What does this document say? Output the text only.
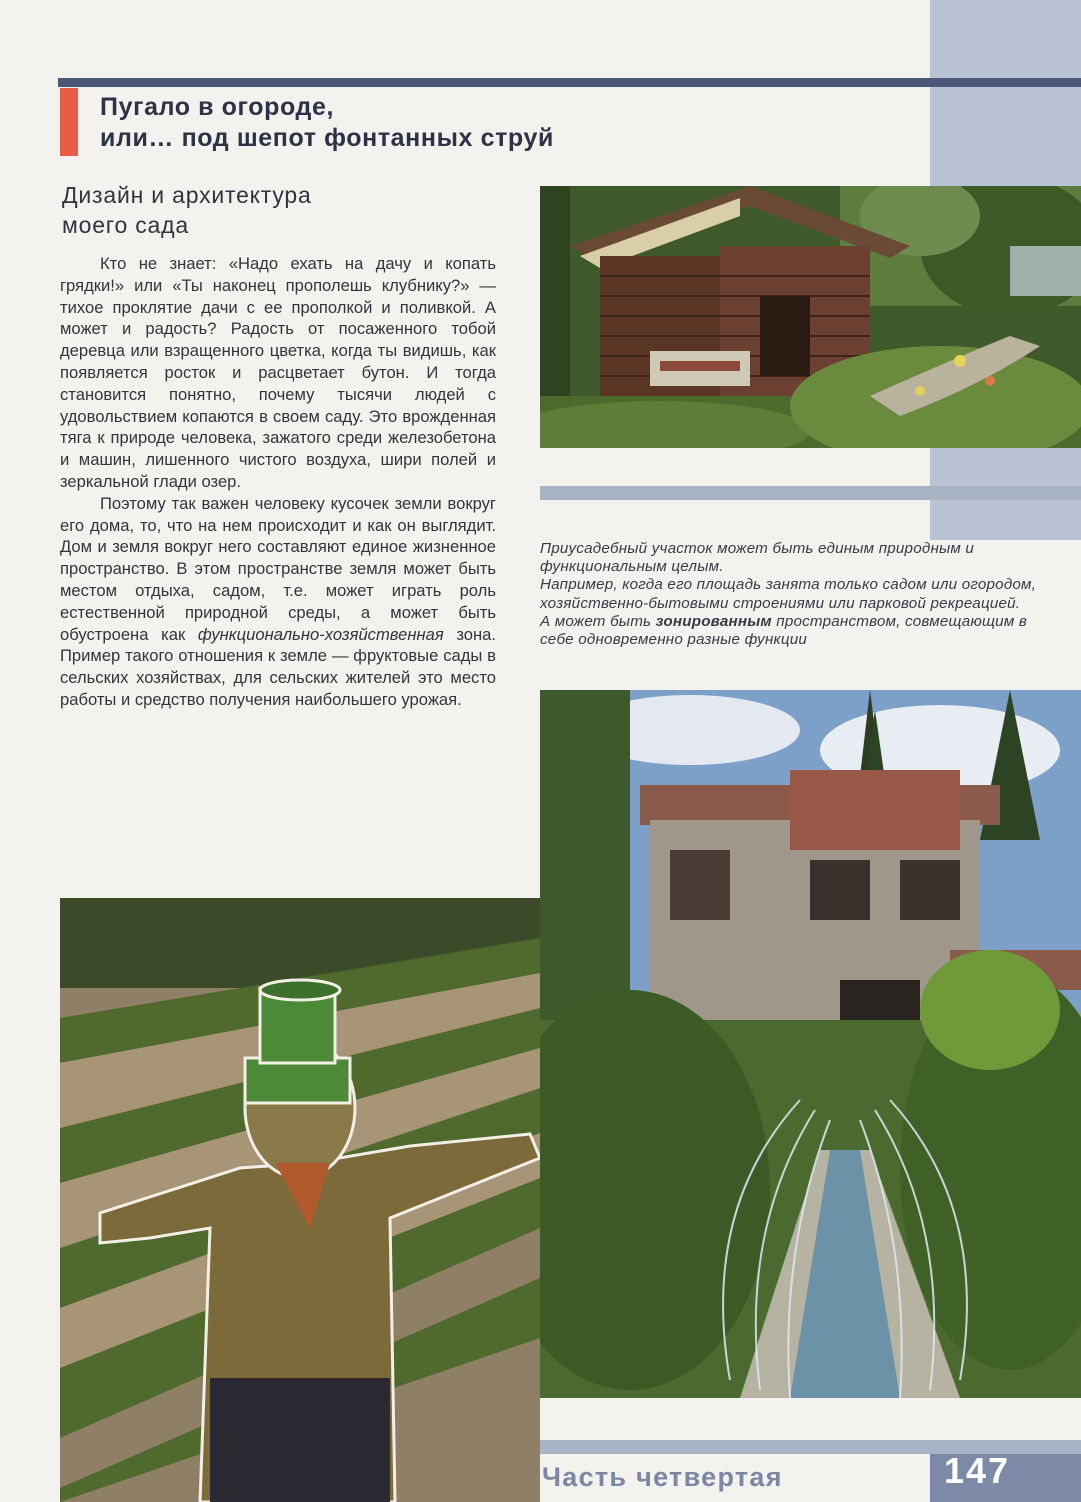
Пугало в огороде,
или… под шепот фонтанных струй
Дизайн и архитектура
моего сада

Кто не знает: «Надо ехать на дачу и копать грядки!» или «Ты наконец прополешь клубнику?» — тихое проклятие дачи с ее прополкой и поливкой. А может и радость? Радость от посаженного тобой деревца или взращенного цветка, когда ты видишь, как появляется росток и расцветает бутон. И тогда становится понятно, почему тысячи людей с удовольствием копаются в своем саду. Это врожденная тяга к природе человека, зажатого среди железобетона и машин, лишенного чистого воздуха, шири полей и зеркальной глади озер.

Поэтому так важен человеку кусочек земли вокруг его дома, то, что на нем происходит и как он выглядит. Дом и земля вокруг него составляют единое жизненное пространство. В этом пространстве земля может быть местом отдыха, садом, т.е. может играть роль естественной природной среды, а может быть обустроена как функционально-хозяйственная зона. Пример такого отношения к земле — фруктовые сады в сельских хозяйствах, для сельских жителей это место работы и средство получения наибольшего урожая.

Приусадебный участок может быть единым природным и функциональным целым.

Например, когда его площадь занята только садом или огородом, хозяйственно-бытовыми строениями или парковой рекреацией.

А может быть зонированным пространством, совмещающим в себе одновременно разные функции

Часть четвертая	147
